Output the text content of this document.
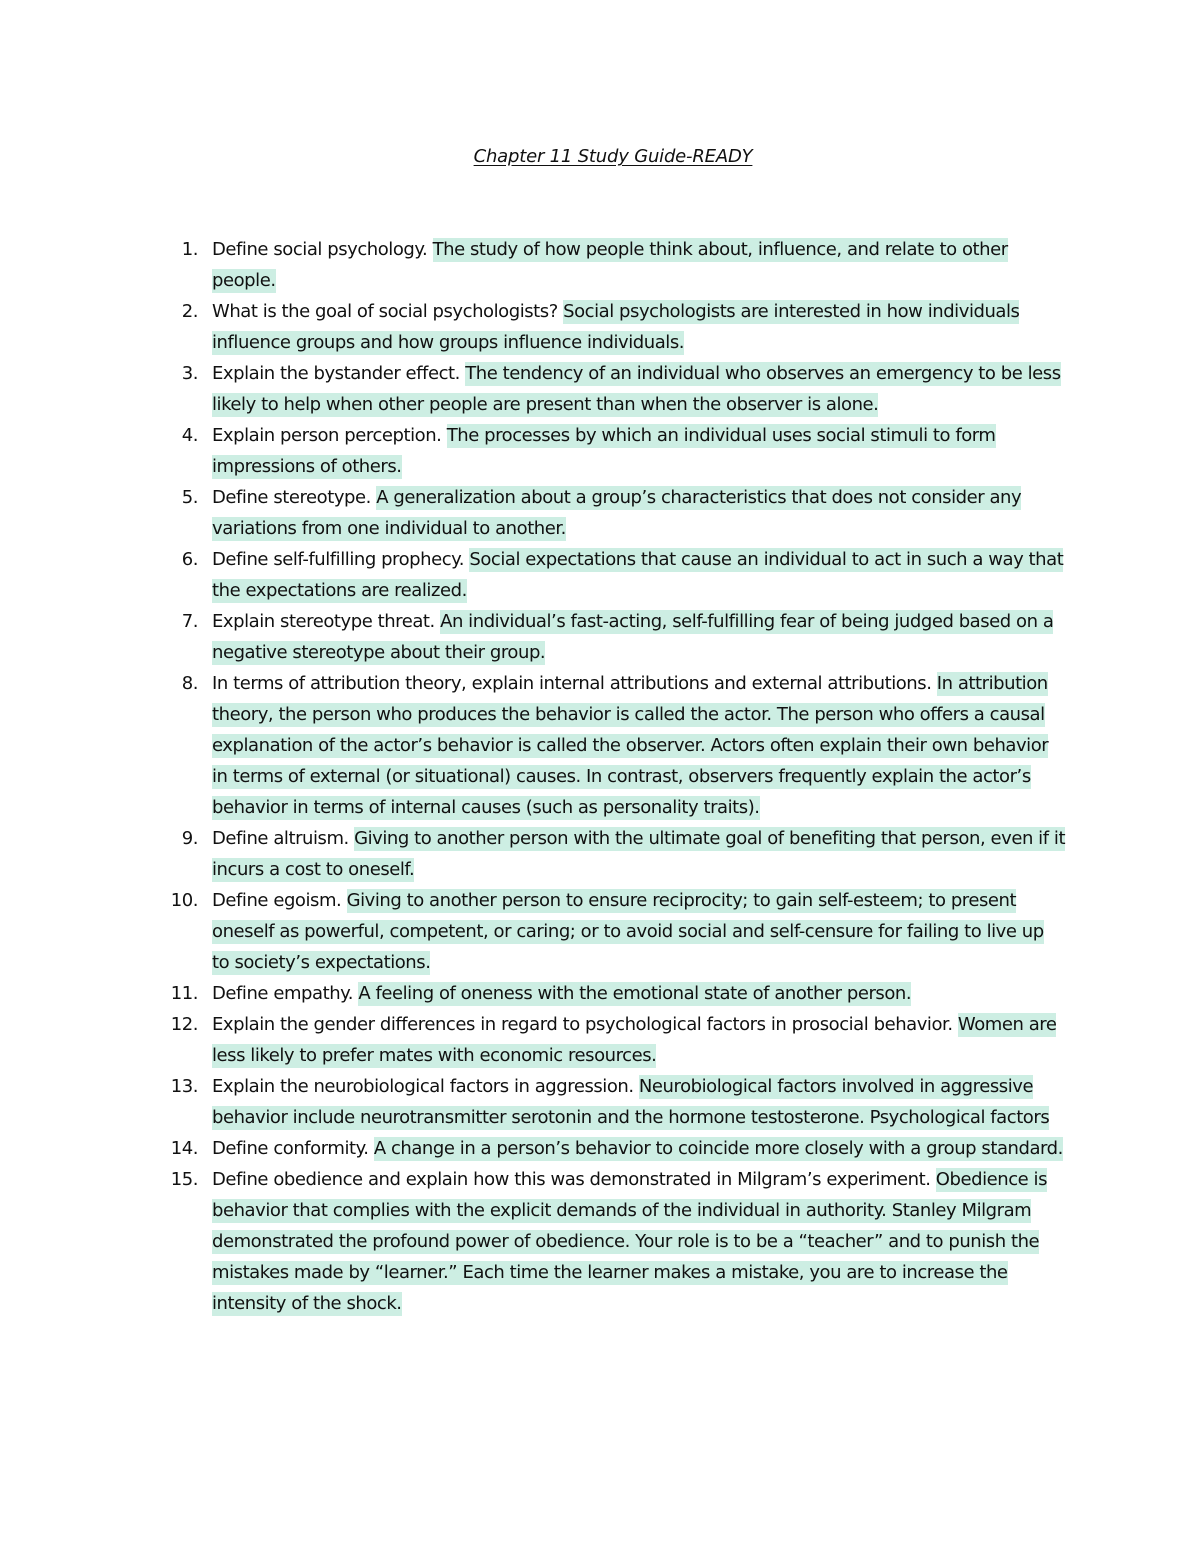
Chapter 11 Study Guide-READY
1. Define social psychology. The study of how people think about, influence, and relate to other people.
2. What is the goal of social psychologists? Social psychologists are interested in how individuals influence groups and how groups influence individuals.
3. Explain the bystander effect. The tendency of an individual who observes an emergency to be less likely to help when other people are present than when the observer is alone.
4. Explain person perception. The processes by which an individual uses social stimuli to form impressions of others.
5. Define stereotype. A generalization about a group’s characteristics that does not consider any variations from one individual to another.
6. Define self-fulfilling prophecy. Social expectations that cause an individual to act in such a way that the expectations are realized.
7. Explain stereotype threat. An individual’s fast-acting, self-fulfilling fear of being judged based on a negative stereotype about their group.
8. In terms of attribution theory, explain internal attributions and external attributions. In attribution theory, the person who produces the behavior is called the actor. The person who offers a causal explanation of the actor’s behavior is called the observer. Actors often explain their own behavior in terms of external (or situational) causes. In contrast, observers frequently explain the actor’s behavior in terms of internal causes (such as personality traits).
9. Define altruism. Giving to another person with the ultimate goal of benefiting that person, even if it incurs a cost to oneself.
10. Define egoism. Giving to another person to ensure reciprocity; to gain self-esteem; to present oneself as powerful, competent, or caring; or to avoid social and self-censure for failing to live up to society’s expectations.
11. Define empathy. A feeling of oneness with the emotional state of another person.
12. Explain the gender differences in regard to psychological factors in prosocial behavior. Women are less likely to prefer mates with economic resources.
13. Explain the neurobiological factors in aggression. Neurobiological factors involved in aggressive behavior include neurotransmitter serotonin and the hormone testosterone. Psychological factors
14. Define conformity. A change in a person’s behavior to coincide more closely with a group standard.
15. Define obedience and explain how this was demonstrated in Milgram’s experiment. Obedience is behavior that complies with the explicit demands of the individual in authority. Stanley Milgram demonstrated the profound power of obedience. Your role is to be a “teacher” and to punish the mistakes made by “learner.” Each time the learner makes a mistake, you are to increase the intensity of the shock.
